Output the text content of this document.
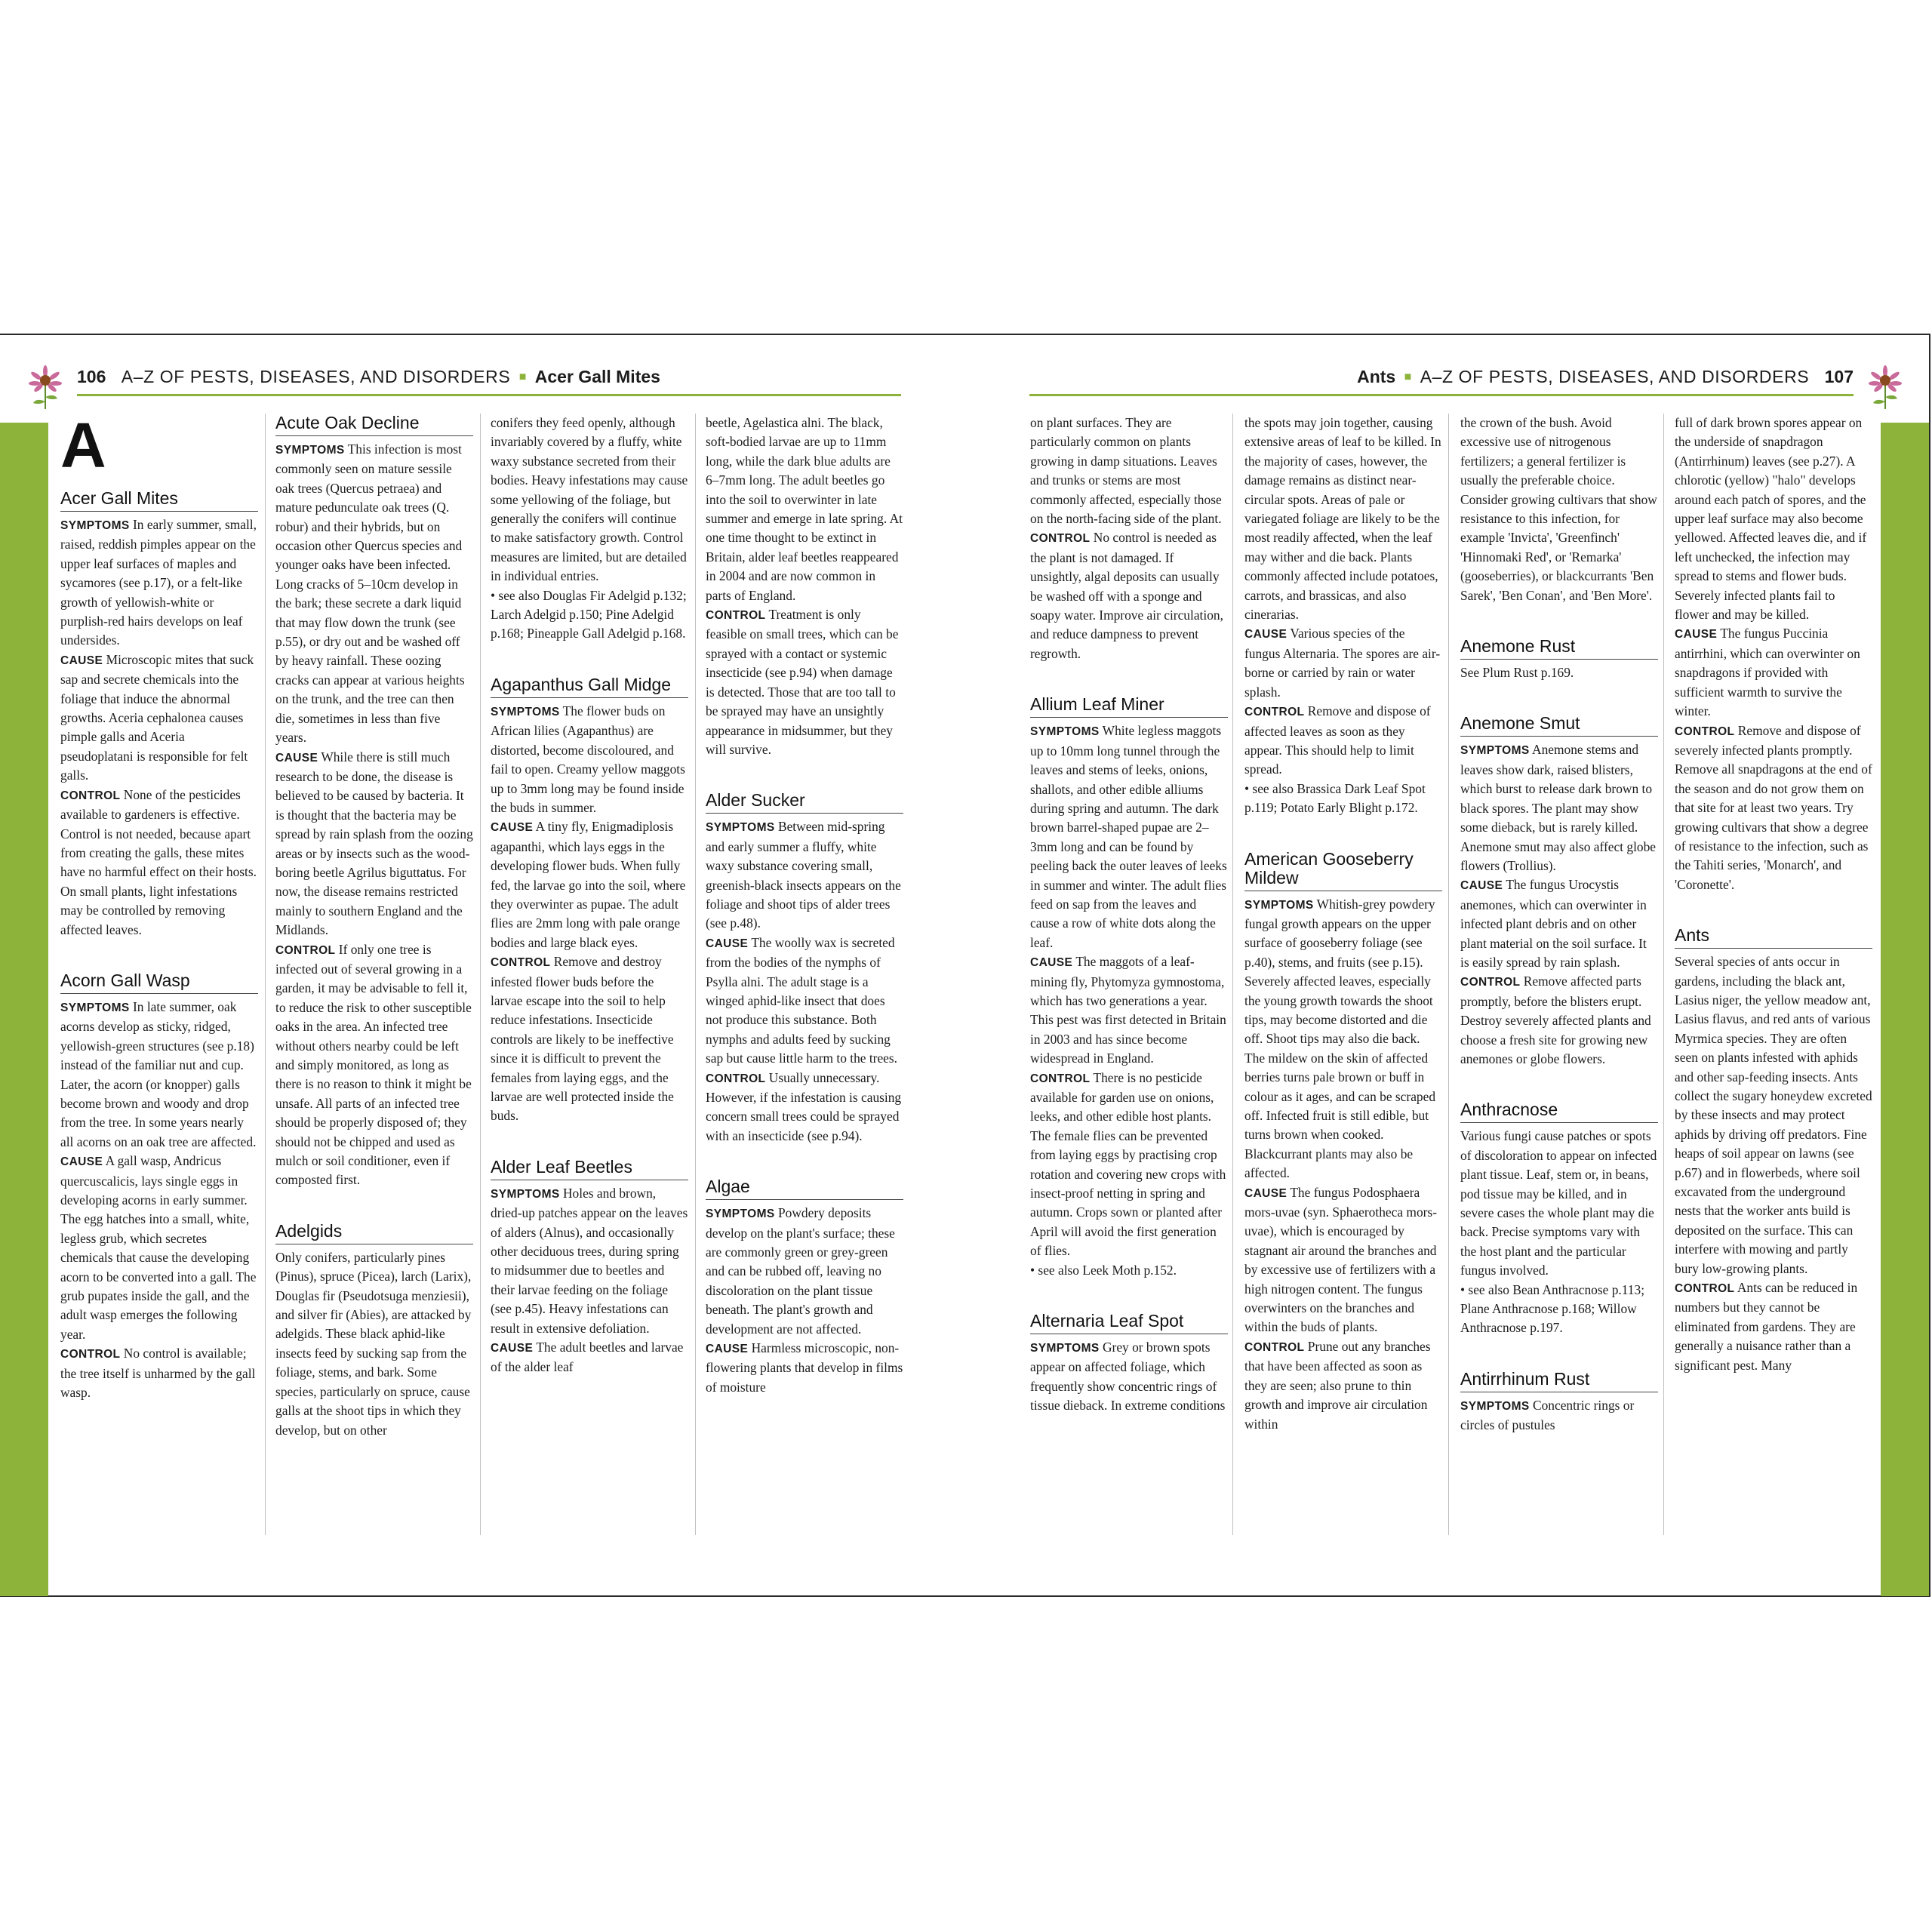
106 A–Z OF PESTS, DISEASES, AND DISORDERS ■ Acer Gall Mites	Ants ■ A–Z OF PESTS, DISEASES, AND DISORDERS 107
A
Acer Gall Mites

SYMPTOMS In early summer, small, raised, reddish pimples appear on the upper leaf surfaces of maples and sycamores (see p.17), or a felt-like growth of yellowish-white or purplish-red hairs develops on leaf undersides.

CAUSE Microscopic mites that suck sap and secrete chemicals into the foliage that induce the abnormal growths. Aceria cephalonea causes pimple galls and Aceria pseudoplatani is responsible for felt galls.

CONTROL None of the pesticides available to gardeners is effective. Control is not needed, because apart from creating the galls, these mites have no harmful effect on their hosts. On small plants, light infestations may be controlled by removing affected leaves.

Acorn Gall Wasp

SYMPTOMS In late summer, oak acorns develop as sticky, ridged, yellowish-green structures (see p.18) instead of the familiar nut and cup. Later, the acorn (or knopper) galls become brown and woody and drop from the tree. In some years nearly all acorns on an oak tree are affected.

CAUSE A gall wasp, Andricus quercuscalicis, lays single eggs in developing acorns in early summer. The egg hatches into a small, white, legless grub, which secretes chemicals that cause the developing acorn to be converted into a gall. The grub pupates inside the gall, and the adult wasp emerges the following year.

CONTROL No control is available; the tree itself is unharmed by the gall wasp.

Acute Oak Decline

SYMPTOMS This infection is most commonly seen on mature sessile oak trees (Quercus petraea) and mature pedunculate oak trees (Q. robur) and their hybrids, but on occasion other Quercus species and younger oaks have been infected. Long cracks of 5–10cm develop in the bark; these secrete a dark liquid that may flow down the trunk (see p.55), or dry out and be washed off by heavy rainfall. These oozing cracks can appear at various heights on the trunk, and the tree can then die, sometimes in less than five years.

CAUSE While there is still much research to be done, the disease is believed to be caused by bacteria. It is thought that the bacteria may be spread by rain splash from the oozing areas or by insects such as the wood-boring beetle Agrilus biguttatus. For now, the disease remains restricted mainly to southern England and the Midlands.

CONTROL If only one tree is infected out of several growing in a garden, it may be advisable to fell it, to reduce the risk to other susceptible oaks in the area. An infected tree without others nearby could be left and simply monitored, as long as there is no reason to think it might be unsafe. All parts of an infected tree should be properly disposed of; they should not be chipped and used as mulch or soil conditioner, even if composted first.

Adelgids

Only conifers, particularly pines (Pinus), spruce (Picea), larch (Larix), Douglas fir (Pseudotsuga menziesii), and silver fir (Abies), are attacked by adelgids. These black aphid-like insects feed by sucking sap from the foliage, stems, and bark. Some species, particularly on spruce, cause galls at the shoot tips in which they develop, but on other

conifers they feed openly, although invariably covered by a fluffy, white waxy substance secreted from their bodies. Heavy infestations may cause some yellowing of the foliage, but generally the conifers will continue to make satisfactory growth. Control measures are limited, but are detailed in individual entries.

• see also Douglas Fir Adelgid p.132; Larch Adelgid p.150; Pine Adelgid p.168; Pineapple Gall Adelgid p.168.

Agapanthus Gall Midge

SYMPTOMS The flower buds on African lilies (Agapanthus) are distorted, become discoloured, and fail to open. Creamy yellow maggots up to 3mm long may be found inside the buds in summer.

CAUSE A tiny fly, Enigmadiplosis agapanthi, which lays eggs in the developing flower buds. When fully fed, the larvae go into the soil, where they overwinter as pupae. The adult flies are 2mm long with pale orange bodies and large black eyes.

CONTROL Remove and destroy infested flower buds before the larvae escape into the soil to help reduce infestations. Insecticide controls are likely to be ineffective since it is difficult to prevent the females from laying eggs, and the larvae are well protected inside the buds.

Alder Leaf Beetles

SYMPTOMS Holes and brown, dried-up patches appear on the leaves of alders (Alnus), and occasionally other deciduous trees, during spring to midsummer due to beetles and their larvae feeding on the foliage (see p.45). Heavy infestations can result in extensive defoliation.

CAUSE The adult beetles and larvae of the alder leaf

beetle, Agelastica alni. The black, soft-bodied larvae are up to 11mm long, while the dark blue adults are 6–7mm long. The adult beetles go into the soil to overwinter in late summer and emerge in late spring. At one time thought to be extinct in Britain, alder leaf beetles reappeared in 2004 and are now common in parts of England.

CONTROL Treatment is only feasible on small trees, which can be sprayed with a contact or systemic insecticide (see p.94) when damage is detected. Those that are too tall to be sprayed may have an unsightly appearance in midsummer, but they will survive.

Alder Sucker

SYMPTOMS Between mid-spring and early summer a fluffy, white waxy substance covering small, greenish-black insects appears on the foliage and shoot tips of alder trees (see p.48).

CAUSE The woolly wax is secreted from the bodies of the nymphs of Psylla alni. The adult stage is a winged aphid-like insect that does not produce this substance. Both nymphs and adults feed by sucking sap but cause little harm to the trees.

CONTROL Usually unnecessary. However, if the infestation is causing concern small trees could be sprayed with an insecticide (see p.94).

Algae

SYMPTOMS Powdery deposits develop on the plant's surface; these are commonly green or grey-green and can be rubbed off, leaving no discoloration on the plant tissue beneath. The plant's growth and development are not affected.

CAUSE Harmless microscopic, non-flowering plants that develop in films of moisture

on plant surfaces. They are particularly common on plants growing in damp situations. Leaves and trunks or stems are most commonly affected, especially those on the north-facing side of the plant.

CONTROL No control is needed as the plant is not damaged. If unsightly, algal deposits can usually be washed off with a sponge and soapy water. Improve air circulation, and reduce dampness to prevent regrowth.

Allium Leaf Miner

SYMPTOMS White legless maggots up to 10mm long tunnel through the leaves and stems of leeks, onions, shallots, and other edible alliums during spring and autumn. The dark brown barrel-shaped pupae are 2–3mm long and can be found by peeling back the outer leaves of leeks in summer and winter. The adult flies feed on sap from the leaves and cause a row of white dots along the leaf.

CAUSE The maggots of a leaf-mining fly, Phytomyza gymnostoma, which has two generations a year. This pest was first detected in Britain in 2003 and has since become widespread in England.

CONTROL There is no pesticide available for garden use on onions, leeks, and other edible host plants. The female flies can be prevented from laying eggs by practising crop rotation and covering new crops with insect-proof netting in spring and autumn. Crops sown or planted after April will avoid the first generation of flies.

• see also Leek Moth p.152.

Alternaria Leaf Spot

SYMPTOMS Grey or brown spots appear on affected foliage, which frequently show concentric rings of tissue dieback. In extreme conditions

the spots may join together, causing extensive areas of leaf to be killed. In the majority of cases, however, the damage remains as distinct near-circular spots. Areas of pale or variegated foliage are likely to be the most readily affected, when the leaf may wither and die back. Plants commonly affected include potatoes, carrots, and brassicas, and also cinerarias.

CAUSE Various species of the fungus Alternaria. The spores are air-borne or carried by rain or water splash.

CONTROL Remove and dispose of affected leaves as soon as they appear. This should help to limit spread.

• see also Brassica Dark Leaf Spot p.119; Potato Early Blight p.172.

American Gooseberry Mildew

SYMPTOMS Whitish-grey powdery fungal growth appears on the upper surface of gooseberry foliage (see p.40), stems, and fruits (see p.15). Severely affected leaves, especially the young growth towards the shoot tips, may become distorted and die off. Shoot tips may also die back. The mildew on the skin of affected berries turns pale brown or buff in colour as it ages, and can be scraped off. Infected fruit is still edible, but turns brown when cooked. Blackcurrant plants may also be affected.

CAUSE The fungus Podosphaera mors-uvae (syn. Sphaerotheca mors-uvae), which is encouraged by stagnant air around the branches and by excessive use of fertilizers with a high nitrogen content. The fungus overwinters on the branches and within the buds of plants.

CONTROL Prune out any branches that have been affected as soon as they are seen; also prune to thin growth and improve air circulation within

the crown of the bush. Avoid excessive use of nitrogenous fertilizers; a general fertilizer is usually the preferable choice. Consider growing cultivars that show resistance to this infection, for example 'Invicta', 'Greenfinch' 'Hinnomaki Red', or 'Remarka' (gooseberries), or blackcurrants 'Ben Sarek', 'Ben Conan', and 'Ben More'.

Anemone Rust

See Plum Rust p.169.

Anemone Smut

SYMPTOMS Anemone stems and leaves show dark, raised blisters, which burst to release dark brown to black spores. The plant may show some dieback, but is rarely killed. Anemone smut may also affect globe flowers (Trollius).

CAUSE The fungus Urocystis anemones, which can overwinter in infected plant debris and on other plant material on the soil surface. It is easily spread by rain splash.

CONTROL Remove affected parts promptly, before the blisters erupt. Destroy severely affected plants and choose a fresh site for growing new anemones or globe flowers.

Anthracnose

Various fungi cause patches or spots of discoloration to appear on infected plant tissue. Leaf, stem or, in beans, pod tissue may be killed, and in severe cases the whole plant may die back. Precise symptoms vary with the host plant and the particular fungus involved.

• see also Bean Anthracnose p.113; Plane Anthracnose p.168; Willow Anthracnose p.197.

Antirrhinum Rust

SYMPTOMS Concentric rings or circles of pustules

full of dark brown spores appear on the underside of snapdragon (Antirrhinum) leaves (see p.27). A chlorotic (yellow) "halo" develops around each patch of spores, and the upper leaf surface may also become yellowed. Affected leaves die, and if left unchecked, the infection may spread to stems and flower buds. Severely infected plants fail to flower and may be killed.

CAUSE The fungus Puccinia antirrhini, which can overwinter on snapdragons if provided with sufficient warmth to survive the winter.

CONTROL Remove and dispose of severely infected plants promptly. Remove all snapdragons at the end of the season and do not grow them on that site for at least two years. Try growing cultivars that show a degree of resistance to the infection, such as the Tahiti series, 'Monarch', and 'Coronette'.

Ants

Several species of ants occur in gardens, including the black ant, Lasius niger, the yellow meadow ant, Lasius flavus, and red ants of various Myrmica species. They are often seen on plants infested with aphids and other sap-feeding insects. Ants collect the sugary honeydew excreted by these insects and may protect aphids by driving off predators. Fine heaps of soil appear on lawns (see p.67) and in flowerbeds, where soil excavated from the underground nests that the worker ants build is deposited on the surface. This can interfere with mowing and partly bury low-growing plants.

CONTROL Ants can be reduced in numbers but they cannot be eliminated from gardens. They are generally a nuisance rather than a significant pest. Many
